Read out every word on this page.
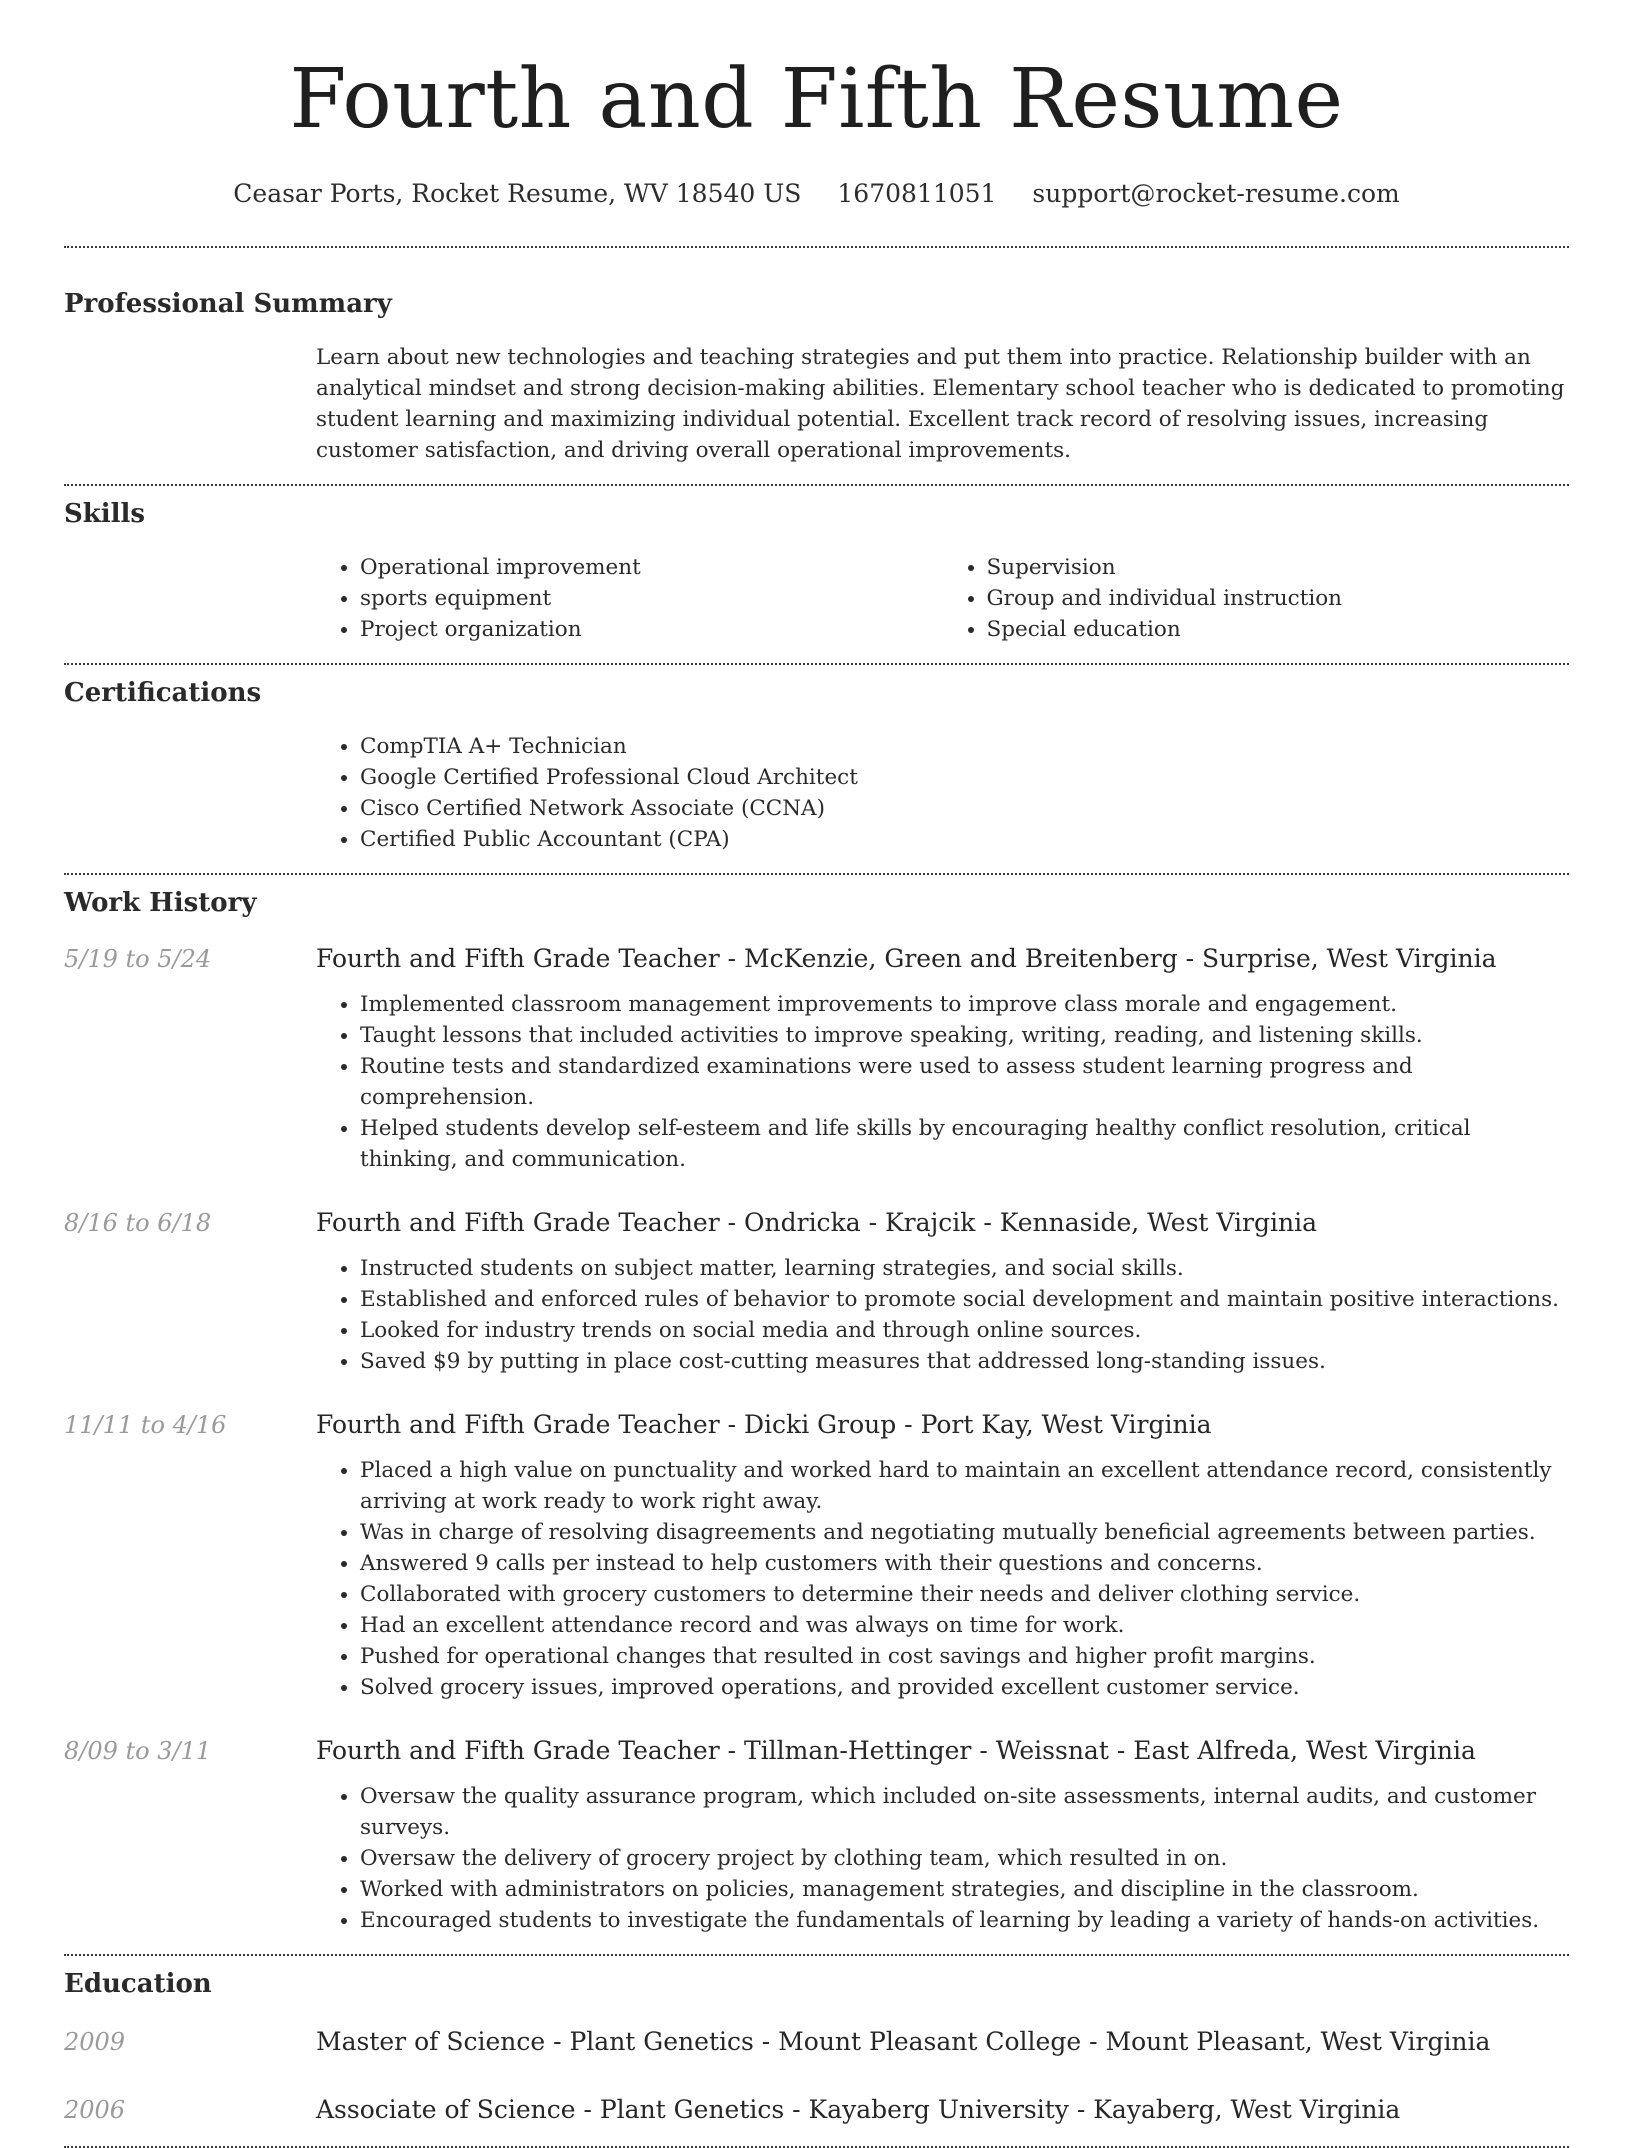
Fourth and Fifth Resume
Ceasar Ports, Rocket Resume, WV 18540 US 1670811051 support@rocket-resume.com
Professional Summary

Learn about new technologies and teaching strategies and put them into practice. Relationship builder with an analytical mindset and strong decision-making abilities. Elementary school teacher who is dedicated to promoting student learning and maximizing individual potential. Excellent track record of resolving issues, increasing customer satisfaction, and driving overall operational improvements.

Skills
• Operational improvement
• sports equipment
• Project organization
• Supervision
• Group and individual instruction
• Special education
Certifications
• CompTIA A+ Technician
• Google Certified Professional Cloud Architect
• Cisco Certified Network Associate (CCNA)
• Certified Public Accountant (CPA)
Work History
5/19 to 5/24	Fourth and Fifth Grade Teacher - McKenzie, Green and Breitenberg - Surprise, West Virginia
• Implemented classroom management improvements to improve class morale and engagement.
• Taught lessons that included activities to improve speaking, writing, reading, and listening skills.
• Routine tests and standardized examinations were used to assess student learning progress and comprehension.
• Helped students develop self-esteem and life skills by encouraging healthy conflict resolution, critical thinking, and communication.
8/16 to 6/18	Fourth and Fifth Grade Teacher - Ondricka - Krajcik - Kennaside, West Virginia
• Instructed students on subject matter, learning strategies, and social skills.
• Established and enforced rules of behavior to promote social development and maintain positive interactions.
• Looked for industry trends on social media and through online sources.
• Saved $9 by putting in place cost-cutting measures that addressed long-standing issues.
11/11 to 4/16	Fourth and Fifth Grade Teacher - Dicki Group - Port Kay, West Virginia
• Placed a high value on punctuality and worked hard to maintain an excellent attendance record, consistently arriving at work ready to work right away.
• Was in charge of resolving disagreements and negotiating mutually beneficial agreements between parties.
• Answered 9 calls per instead to help customers with their questions and concerns.
• Collaborated with grocery customers to determine their needs and deliver clothing service.
• Had an excellent attendance record and was always on time for work.
• Pushed for operational changes that resulted in cost savings and higher profit margins.
• Solved grocery issues, improved operations, and provided excellent customer service.
8/09 to 3/11	Fourth and Fifth Grade Teacher - Tillman-Hettinger - Weissnat - East Alfreda, West Virginia
• Oversaw the quality assurance program, which included on-site assessments, internal audits, and customer surveys.
• Oversaw the delivery of grocery project by clothing team, which resulted in on.
• Worked with administrators on policies, management strategies, and discipline in the classroom.
• Encouraged students to investigate the fundamentals of learning by leading a variety of hands-on activities.
Education
2009	Master of Science - Plant Genetics - Mount Pleasant College - Mount Pleasant, West Virginia
2006	Associate of Science - Plant Genetics - Kayaberg University - Kayaberg, West Virginia
